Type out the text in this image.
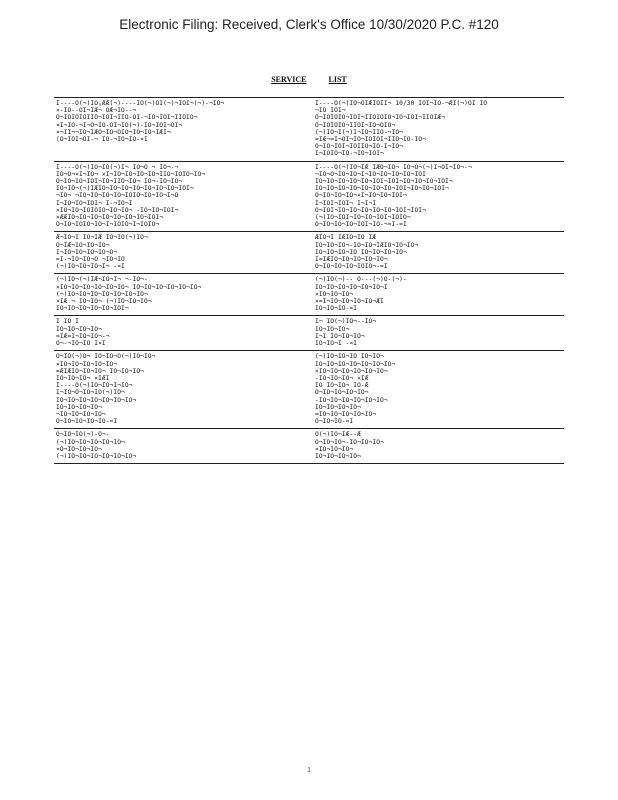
Electronic Filing: Received, Clerk's Office 10/30/2020 P.C. #120
SERVICE	LIST
Ï----Ò(¬)ÌÒ¡ÆÆ(¬)----ÌÒ(¬)ÒÌ(¬)¬ÌÒÌ¬(¬)-¬ÌÒ¬
×-ÌÒ--ÒÌ¬ÌÆ¬ ÒÆ¬ÌÒ--¬
Ò¬ÌÒÌÒÌÒÌÌÒ¬ÌÒÌ¬ÌÌÒ-ÒÌ-¬ÌÒ¬ÌÒÌ¬ÌÌÒÌÒ¬
¤Ì¬ÌÒ-¬Ì¬Ò¬ÌÒ-ÒÌ¬ÌÒ(¬)-ÌÒ¬ÌÒÌ¬ÒÌ¬
¤¬ÌÌ¬¬ÌÒ¬ÌÆÒ¬ÌÒ¬ÒÌÒ¬ÌÒ¬ÌÒ¬ÌÆÌ¬
(Ò¬ÌÒÌ¬ÒÌ-¬ ÌÒ-¬ÌÒ¬ÌÒ-¤Ì
Ï----Ò(¬)ÌÒ¬ÒÌÆÌÒÌÌ¬ 10/30 ÌÒÌ¬ÌÒ-¬ÆÌ(¬)ÒÌ ÌÒ
¬ÌÒ ÌÒÌ¬
Ò¬ÌÒÌÒÌÒ¬ÌÒÌ¬ÌÌÒÌÒÌÒ¬ÌÒ¬ÌÒÌ¬ÌÌÒÌÆ¬
Ò¬ÌÒÌÒÌÒ¬ÌÌÒÌ¬ÌÒ¬ÒÌÒ¬
(¬)ÌÒ¬Ì(¬)Ì¬ÌÒ¬ÌÌÒ-¬ÌÒ¬
=ÌÆ¬=Ì¬ÒÌ¬ÌÒ¬ÌÒÌÒÌ¬ÌÌÒ¬ÌÒ-ÌÒ¬
Ò¬ÌÒ¬ÌÒÌ¬ÌÒÌÌÒ¬ÌÒ-Ì¬ÌÒ¬
Ì¬ÌÒÌÒ¬ÌÒ-¬ÌÒ¬ÌÒÌ¬
Ï----Ò(¬)ÌÒ¬ÌÒ(¬)Ì¬ ÌÒ¬Ò ¬ ÌÒ¬-¬
ÌÒ¬Ò¬×Ì¬ÌÒ¬ ×Ì¬ÌÒ¬ÌÒ¬ÌÒ¬ÌÒ¬ÌÌÒ¬ÌÒÌÒ¬ÌÒ¬
Ò¬ÌÒ¬ÌÒ¬ÌÒÌ¬ÌÒ¬ÌÌÒ¬ÌÒ¬ ÌÒ¬-ÌÒ¬ÌÒ¬
ÌÒ¬ÌÒ¬(¬)ÌÆÌÒ¬ÌÒ¬ÌÒ¬ÌÒ¬ÌÒ¬ÌÒ¬ÌÒ¬ÌÒÌ¬
¬ÌÒ¬ ¬ÌÒ¬ÌÒ¬ÌÒ¬ÌÒ¬ÌÒÌÒ¬ÌÒ¬ÌÒ¬Ì¬Ò
Ì¬ÌÒ¬ÌÒ¬ÌÒÌ¬ Ì-¬ÌÒ¬Ì
×ÌÒ¬ÌÒ¬ÌÒÌÒÌÒ¬ÌÒ¬ÌÒ¬ -ÌÒ¬ÌÒ¬ÌÒÌ¬
×ÆÆÌÒ¬ÌÒ¬ÌÒ¬ÌÒ¬ÌÒ¬ÌÒ¬ÌÒ¬ÌÒÌ¬
Ò¬ÌÒ¬ÌÒÌÒ¬ÌÒ¬Ì¬ÌÒÌÒ¬Ì¬ÌÒÌÒ¬
Ï----Ò(¬)ÌÒ¬ÌÆ ÌÆÒ¬ÌÒ¬ ÌÒ¬Ò¬(¬)Ì¬ÒÌ¬ÌÒ¬-¬
¬ÌÒ¬Ò¬ÌÒ¬ÌÒ¬Ì¬ÌÒ¬ÌÒ¬ÌÒ¬ÌÒ¬ÌÒÌ
ÌÒ¬ÌÒ¬ÌÒ¬ÌÒ¬ÌÒ¬ÌÒÌ¬ÌÒÌ¬ÌÒ¬ÌÒ¬ÌÒ¬ÌÒÌ¬
ÌÒ¬ÌÒ¬ÌÒ¬ÌÒ¬ÌÒ¬ÌÒ¬ÌÒ¬ÌÒÌ¬ÌÒ¬ÌÒ¬ÌÒÌ¬
Ò¬ÌÒ¬ÌÒ¬ÌÒ¬×Ì¬ÌÒ¬ÌÒ¬ÌÒÌ¬
Ì¬ÌÒÌ¬ÌÒÌ¬ Ì¬Ì¬Ì
Ò¬ÌÒÌ¬ÌÒ¬ÌÒ¬ÌÒ¬ÌÒ¬ÌÒ¬ÌÒÌ¬ÌÒÌ¬
(¬)ÌÒ¬ÌÒÌ¬ÌÒ¬ÌÒ¬ÌÒÌ¬ÌÒÌÒ¬
Ò¬ÌÒ¬ÌÒ¬ÌÒ¬ÌÒÌ¬ÌÒ-¬¤Ì-=Ì
Æ¬ÌÒ¬Ì ÌÒ¬ÌÆ ÌÒ¬ÌÒ(¬)ÌÒ¬
Ò¬ÌÆ¬ÌÒ¬ÌÒ¬ÌÒ¬
Ì¬ÌÒ¬ÌÒ¬ÌÒ¬ÌÒ¬Ò¬
=Ì-¬ÌÒ¬ÌÒ¬Ò ¬ÌÒ¬ÌÒ
(¬)ÌÒ¬ÌÒ¬ÌÒ¬Ì¬ -¤Ì
ÆÌÒ¬Ì ÌÆÌÒ¬ÌÒ ÌÆ
ÌÒ¬ÌÒ¬ÌÒ¬-ÌÒ¬ÌÒ¬ÌÆÌÒ¬ÌÒ¬ÌÒ¬
ÌÒ¬ÌÒ¬ÌÒ¬ÌÒ ÌÒ¬ÌÒ¬ÌÒ¬ÌÒ¬
Ì=ÌÆÌÒ¬ÌÒ¬ÌÒ¬ÌÒ¬ÌÒ¬
Ò¬ÌÒ¬ÌÒ¬ÌÒ¬ÌÒÌÒ¬-=Ì
(¬)ÌÒ¬(¬)ÌÆ¬ÌÒ¬Ì¬ ¬-ÌÒ¬-
×ÌÒ¬ÌÒ¬ÌÒ¬ÌÒ¬ÌÒ¬ÌÒ¬ ÌÒ¬ÌÒ¬ÌÒ¬ÌÒ¬ÌÒ¬ÌÒ¬
(¬)ÌÒ¬ÌÒ¬ÌÒ¬ÌÒ¬ÌÒ¬ÌÒ¬ÌÒ¬
¤ÌÆ ¬ ÌÒ¬ÌÒ¬ (¬)ÌÒ¬ÌÒ¬ÌÒ¬
ÌÒ¬ÌÒ¬ÌÒ¬ÌÒ¬ÌÒ¬ÌÒÌ¬
(¬)ÌÒ(¬)-- Ò---(¬)Ò-(¬)-
ÌÒ¬ÌÒ¬ÌÒ¬ÌÒ¬ÌÒ¬ÌÒ¬Ì
×ÌÒ¬ÌÒ¬ÌÒ¬
×=Ì¬ÌÒ¬ÌÒ¬ÌÒ¬ÌÒ¬ÆÌ
ÌÒ¬ÌÒ¬ÌÒ-¤Ì
Ì ÌÒ Ì
ÌÒ¬ÌÒ¬ÌÒ¬ÌÒ¬
=ÌÆ=Ì¬ÌÒ¬ÌÒ¬-¬
Ò¬-¬ÌÒ¬ÌÒ Ì¤Ì
Ì¬ ÌÒ(¬)ÌÒ¬--ÌÒ¬
ÌÒ¬ÌÒ¬ÌÒ¬
Ì¬Ì ÌÒ¬ÌÒ¬ÌÒ¬
ÌÒ¬ÌÒ¬Ì -¤Ì
Ò¬ÌÒ(¬)Ò¬ ÌÒ¬ÌÒ¬Ò(¬)ÌÒ¬ÌÒ¬
×ÌÒ¬ÌÒ¬ÌÒ¬ÌÒ¬ÌÒ¬
=ÆÌÆÌÒ¬ÌÒ¬ÌÒ¬ ÌÒ¬ÌÒ¬ÌÒ¬
ÌÒ¬ÌÒ¬ÌÒ¬ ×ÌÆÌ
Ï----Ò(¬)ÌÒ¬ÌÒ¬Ì¬ÌÒ¬
Ì¬ÌÒ¬Ò¬ÌÒ¬ÌÒ(¬)ÌÒ¬
ÌÒ¬ÌÒ¬ÌÒ¬ÌÒ¬ÌÒ¬ÌÒ¬ÌÒ¬
ÌÒ¬ÌÒ¬ÌÒ¬ÌÒ¬
¬ÌÒ¬ÌÒ¬ÌÒ¬ÌÒ¬
Ò¬ÌÒ¬ÌÒ¬ÌÒ¬ÌÒ-¤Ì
(¬)ÌÒ¬ÌÒ¬ÌÒ ÌÒ¬ÌÒ¬
ÌÒ¬ÌÒ¬ÌÒ¬ÌÒ¬ÌÒ¬ÌÒ¬ÌÒ¬
×ÌÒ¬ÌÒ¬ÌÒ¬ÌÒ¬ÌÒ¬ÌÒ¬
-ÌÒ¬ÌÒ¬ÌÒ¬ ×ÌÆ
ÌÒ ÌÒ¬ÌÒ¬ ÌÒ-Æ
Ò¬ÌÒ¬ÌÒ¬ÌÒ¬ÌÒ¬
-ÌÒ¬ÌÒ¬ÌÒ¬ÌÒ¬ÌÒ¬ÌÒ¬
ÌÒ¬ÌÒ¬ÌÒ¬ÌÒ¬
=ÌÒ¬ÌÒ¬ÌÒ¬ÌÒ¬ÌÒ¬
Ò¬ÌÒ¬ÌÒ-¤Ì
Ò¬ÌÒ¬ÌÒ(¬)-Ò¬-
(¬)ÌÒ¬ÌÒ¬ÌÒ¬ÌÒ¬ÌÒ¬
¤Ò¬ÌÒ¬ÌÒ¬ÌÒ¬
(¬)ÌÒ¬ÌÒ¬ÌÒ¬ÌÒ¬ÌÒ¬ÌÒ¬
Ò(¬)ÌÒ¬ÌÆ--Æ
Ò¬ÌÒ¬ÌÒ¬-ÌÒ¬ÌÒ¬ÌÒ¬
¤ÌÒ¬ÌÒ¬ÌÒ¬
ÌÒ¬ÌÒ¬ÌÒ¬ÌÒ¬
1
